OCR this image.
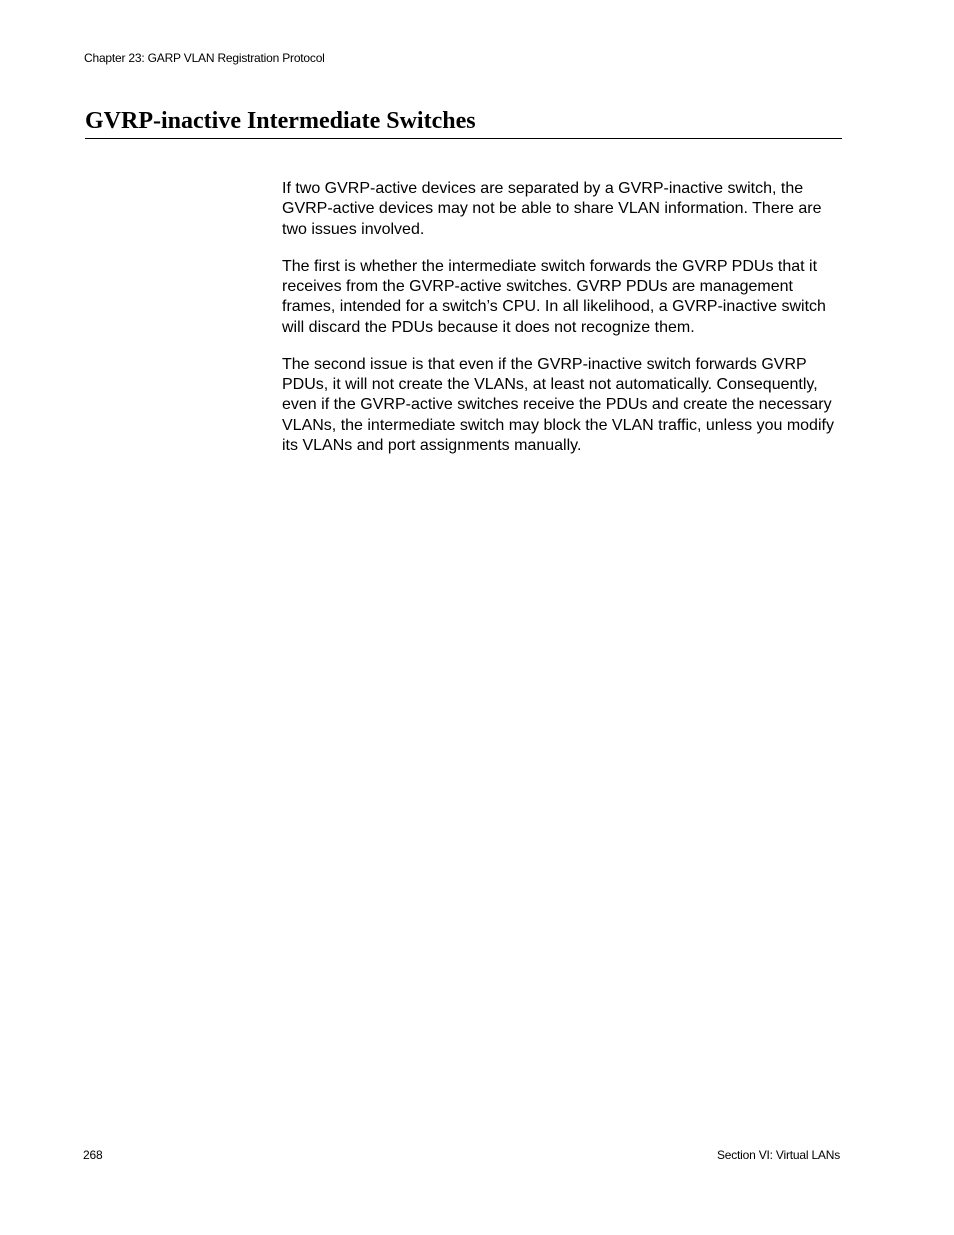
Chapter 23: GARP VLAN Registration Protocol
GVRP-inactive Intermediate Switches

If two GVRP-active devices are separated by a GVRP-inactive switch, the GVRP-active devices may not be able to share VLAN information. There are two issues involved.

The first is whether the intermediate switch forwards the GVRP PDUs that it receives from the GVRP-active switches. GVRP PDUs are management frames, intended for a switch’s CPU. In all likelihood, a GVRP-inactive switch will discard the PDUs because it does not recognize them.

The second issue is that even if the GVRP-inactive switch forwards GVRP PDUs, it will not create the VLANs, at least not automatically. Consequently, even if the GVRP-active switches receive the PDUs and create the necessary VLANs, the intermediate switch may block the VLAN traffic, unless you modify its VLANs and port assignments manually.

268	Section VI: Virtual LANs
